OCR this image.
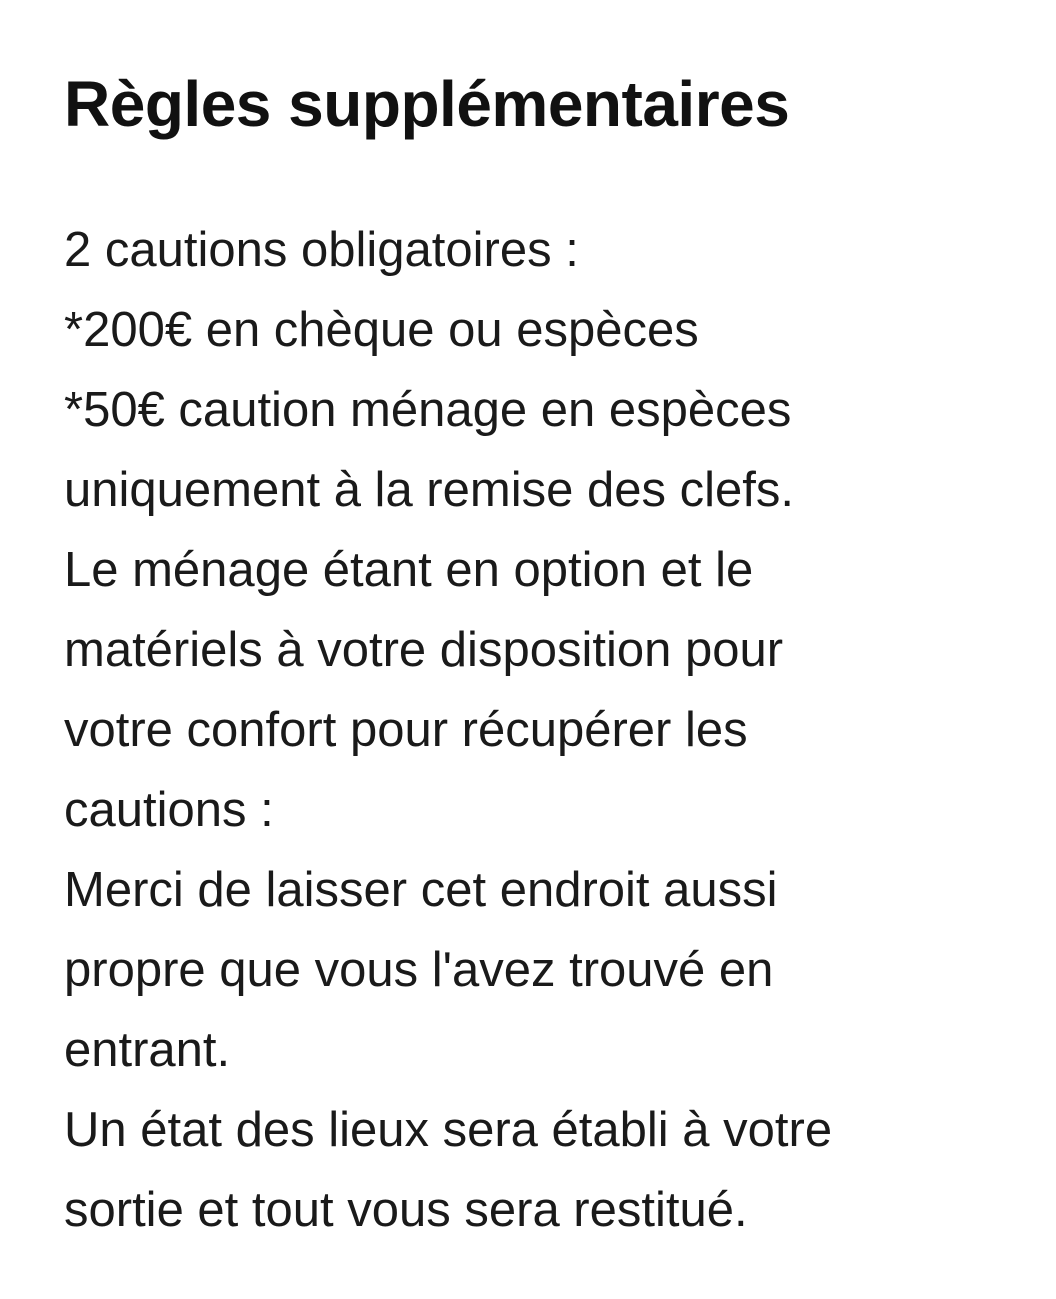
Règles supplémentaires
2 cautions obligatoires :
*200€ en chèque ou espèces
*50€ caution ménage en espèces
uniquement à la remise des clefs.
Le ménage étant en option et le
matériels à votre disposition pour
votre confort pour récupérer les
cautions :
Merci de laisser cet endroit aussi
propre que vous l'avez trouvé en
entrant.
Un état des lieux sera établi à votre
sortie et tout vous sera restitué.
